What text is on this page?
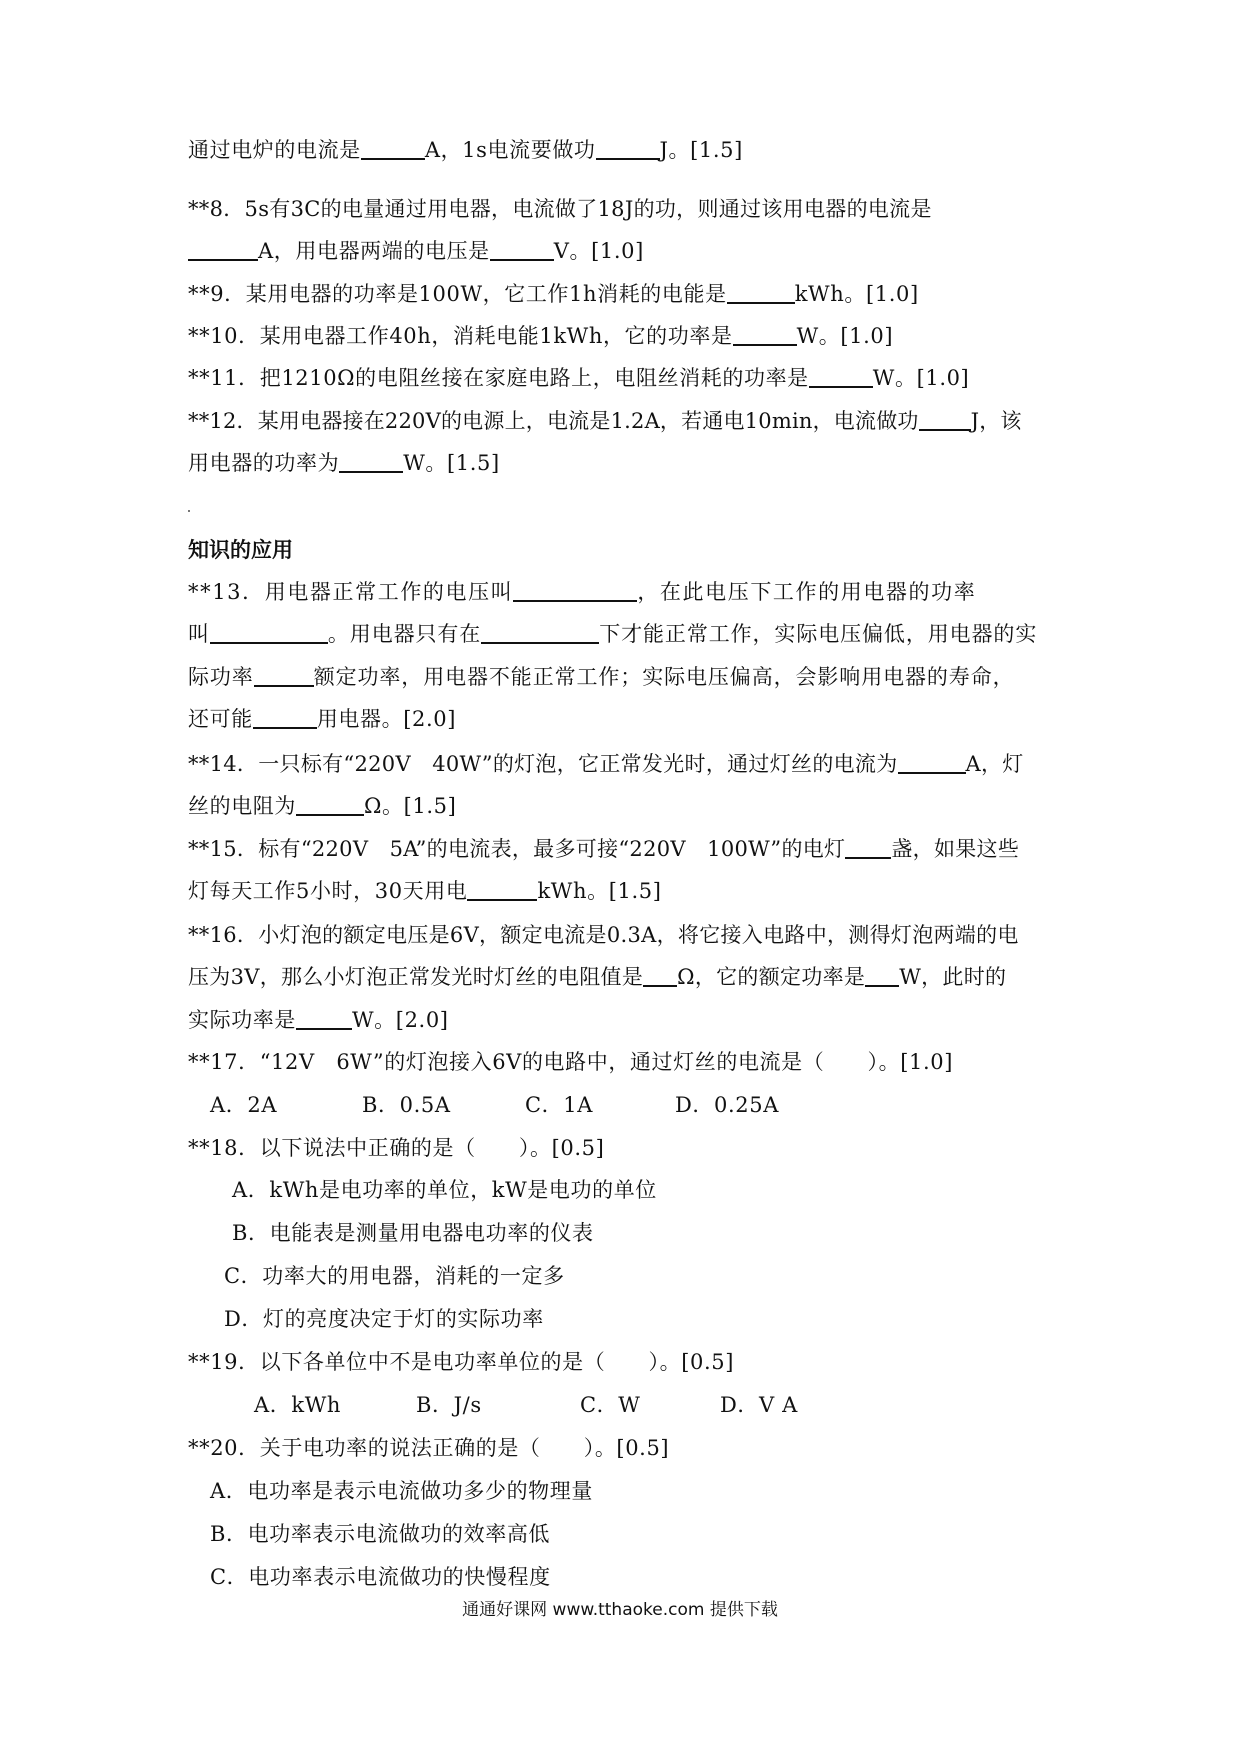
通过电炉的电流是	A，1s电流要做功	J。[1.5]
**8．5s有3C的电量通过用电器，电流做了18J的功，则通过该用电器的电流是
A，用电器两端的电压是	V。[1.0]
**9．某用电器的功率是100W，它工作1h消耗的电能是	kWh。[1.0]
**10．某用电器工作40h，消耗电能1kWh，它的功率是	W。[1.0]
**11．把1210Ω的电阻丝接在家庭电路上，电阻丝消耗的功率是	W。[1.0]
**12．某用电器接在220V的电源上，电流是1.2A，若通电10min，电流做功 J，该
用电器的功率为	W。[1.5]
知识的应用
**13．用电器正常工作的电压叫	，在此电压下工作的用电器的功率
叫	。用电器只有在	下才能正常工作，实际电压偏低，用电器的实
际功率	额定功率，用电器不能正常工作；实际电压偏高，会影响用电器的寿命，
还可能	用电器。[2.0]
**14．一只标有“220V　40W”的灯泡，它正常发光时，通过灯丝的电流为	A，灯
丝的电阻为	Ω。[1.5]
**15．标有“220V　5A”的电流表，最多可接“220V　100W”的电灯 盏，如果这些
灯每天工作5小时，30天用电	kWh。[1.5]
**16．小灯泡的额定电压是6V，额定电流是0.3A，将它接入电路中，测得灯泡两端的电
压为3V，那么小灯泡正常发光时灯丝的电阻值是 Ω，它的额定功率是 W，此时的
实际功率是	W。[2.0]
**17．“12V　6W”的灯泡接入6V的电路中，通过灯丝的电流是（　　）。[1.0]
A．2A	B．0.5A	C．1A	D．0.25A
**18．以下说法中正确的是（　　）。[0.5]
A．kWh是电功率的单位，kW是电功的单位
B．电能表是测量用电器电功率的仪表
C．功率大的用电器，消耗的一定多
D．灯的亮度决定于灯的实际功率
**19．以下各单位中不是电功率单位的是（　　）。[0.5]
A．kWh	B．J/s	C．W	D．V A
**20．关于电功率的说法正确的是（　　）。[0.5]
A．电功率是表示电流做功多少的物理量
B．电功率表示电流做功的效率高低
C．电功率表示电流做功的快慢程度
通通好课网 www.tthaoke.com 提供下载
